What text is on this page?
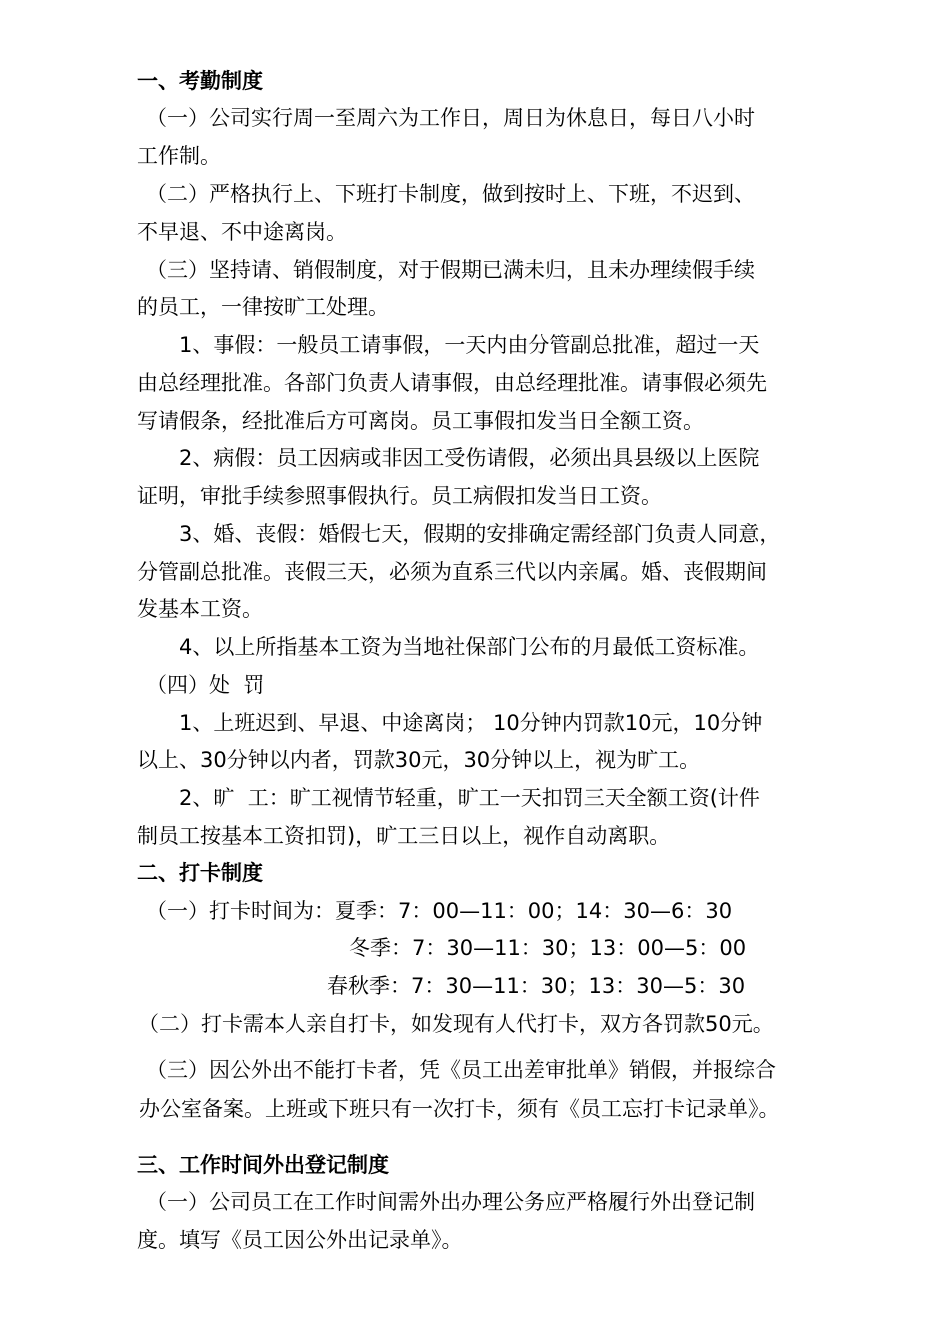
一、考勤制度
（一）公司实行周一至周六为工作日，周日为休息日，每日八小时
工作制。
（二）严格执行上、下班打卡制度，做到按时上、下班，不迟到、
不早退、不中途离岗。
（三）坚持请、销假制度，对于假期已满未归，且未办理续假手续
的员工，一律按旷工处理。
1、事假：一般员工请事假，一天内由分管副总批准，超过一天
由总经理批准。各部门负责人请事假，由总经理批准。请事假必须先
写请假条，经批准后方可离岗。员工事假扣发当日全额工资。
2、病假：员工因病或非因工受伤请假，必须出具县级以上医院
证明，审批手续参照事假执行。员工病假扣发当日工资。
3、婚、丧假：婚假七天，假期的安排确定需经部门负责人同意，
分管副总批准。丧假三天，必须为直系三代以内亲属。婚、丧假期间
发基本工资。
4、以上所指基本工资为当地社保部门公布的月最低工资标准。
（四）处  罚
1、上班迟到、早退、中途离岗； 10分钟内罚款10元，10分钟
以上、30分钟以内者，罚款30元，30分钟以上，视为旷工。
2、旷  工：旷工视情节轻重，旷工一天扣罚三天全额工资(计件
制员工按基本工资扣罚)，旷工三日以上，视作自动离职。
二、打卡制度
（一）打卡时间为：夏季：7：00—11：00；14：30—6：30
冬季：7：30—11：30；13：00—5：00
春秋季：7：30—11：30；13：30—5：30
（二）打卡需本人亲自打卡，如发现有人代打卡，双方各罚款50元。
（三）因公外出不能打卡者，凭《员工出差审批单》销假，并报综合
办公室备案。上班或下班只有一次打卡，须有《员工忘打卡记录单》。
三、工作时间外出登记制度
（一）公司员工在工作时间需外出办理公务应严格履行外出登记制
度。填写《员工因公外出记录单》。
